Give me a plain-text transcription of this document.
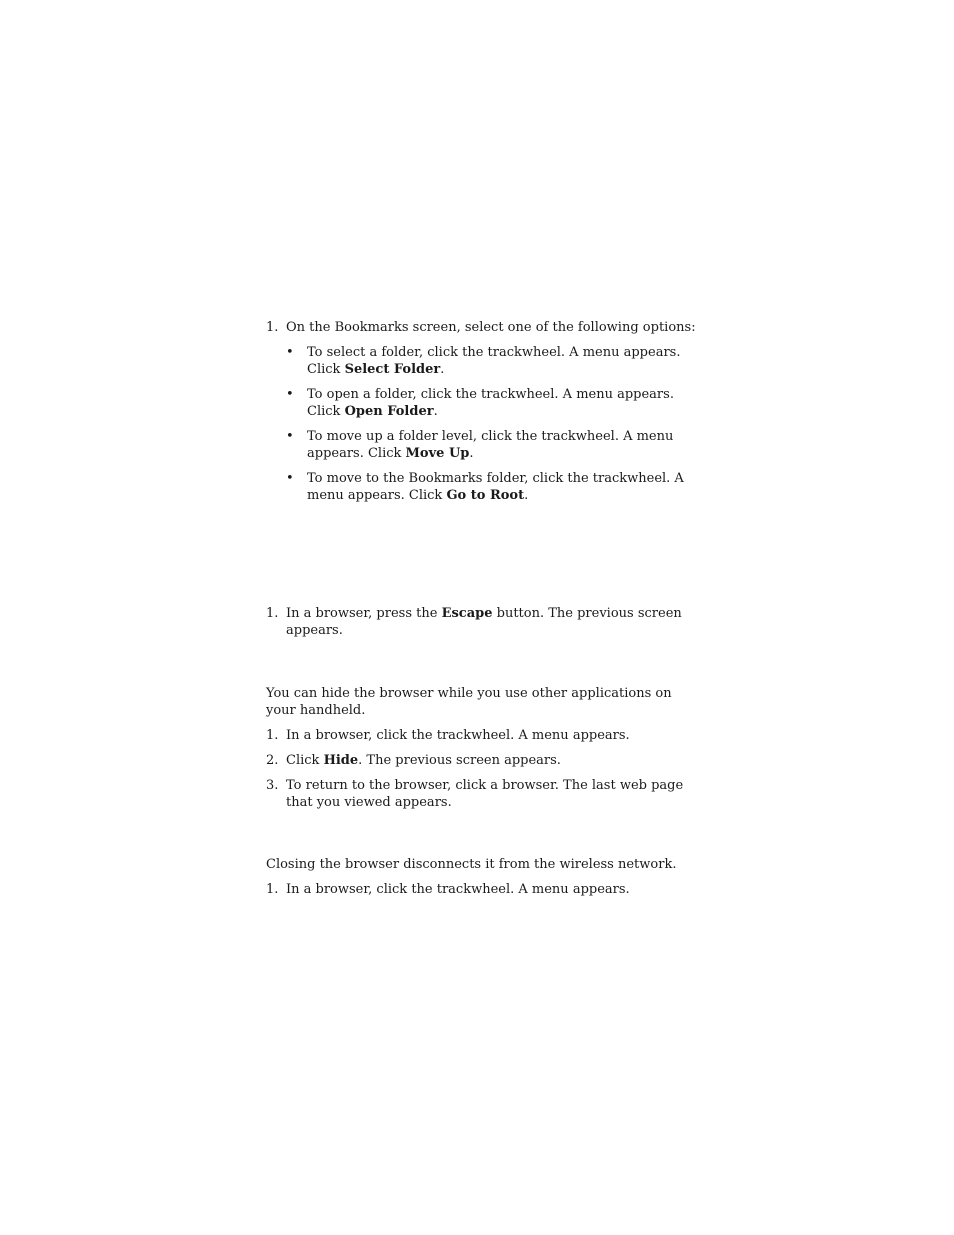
1. On the Bookmarks screen, select one of the following options:
•	To select a folder, click the trackwheel. A menu appears. Click Select Folder.
•	To open a folder, click the trackwheel. A menu appears. Click Open Folder.
•	To move up a folder level, click the trackwheel. A menu appears. Click Move Up.
•	To move to the Bookmarks folder, click the trackwheel. A menu appears. Click Go to Root.
1. In a browser, press the Escape button. The previous screen appears.
You can hide the browser while you use other applications on your handheld.
1. In a browser, click the trackwheel. A menu appears.
2. Click Hide. The previous screen appears.
3. To return to the browser, click a browser. The last web page that you viewed appears.
Closing the browser disconnects it from the wireless network.
1. In a browser, click the trackwheel. A menu appears.
